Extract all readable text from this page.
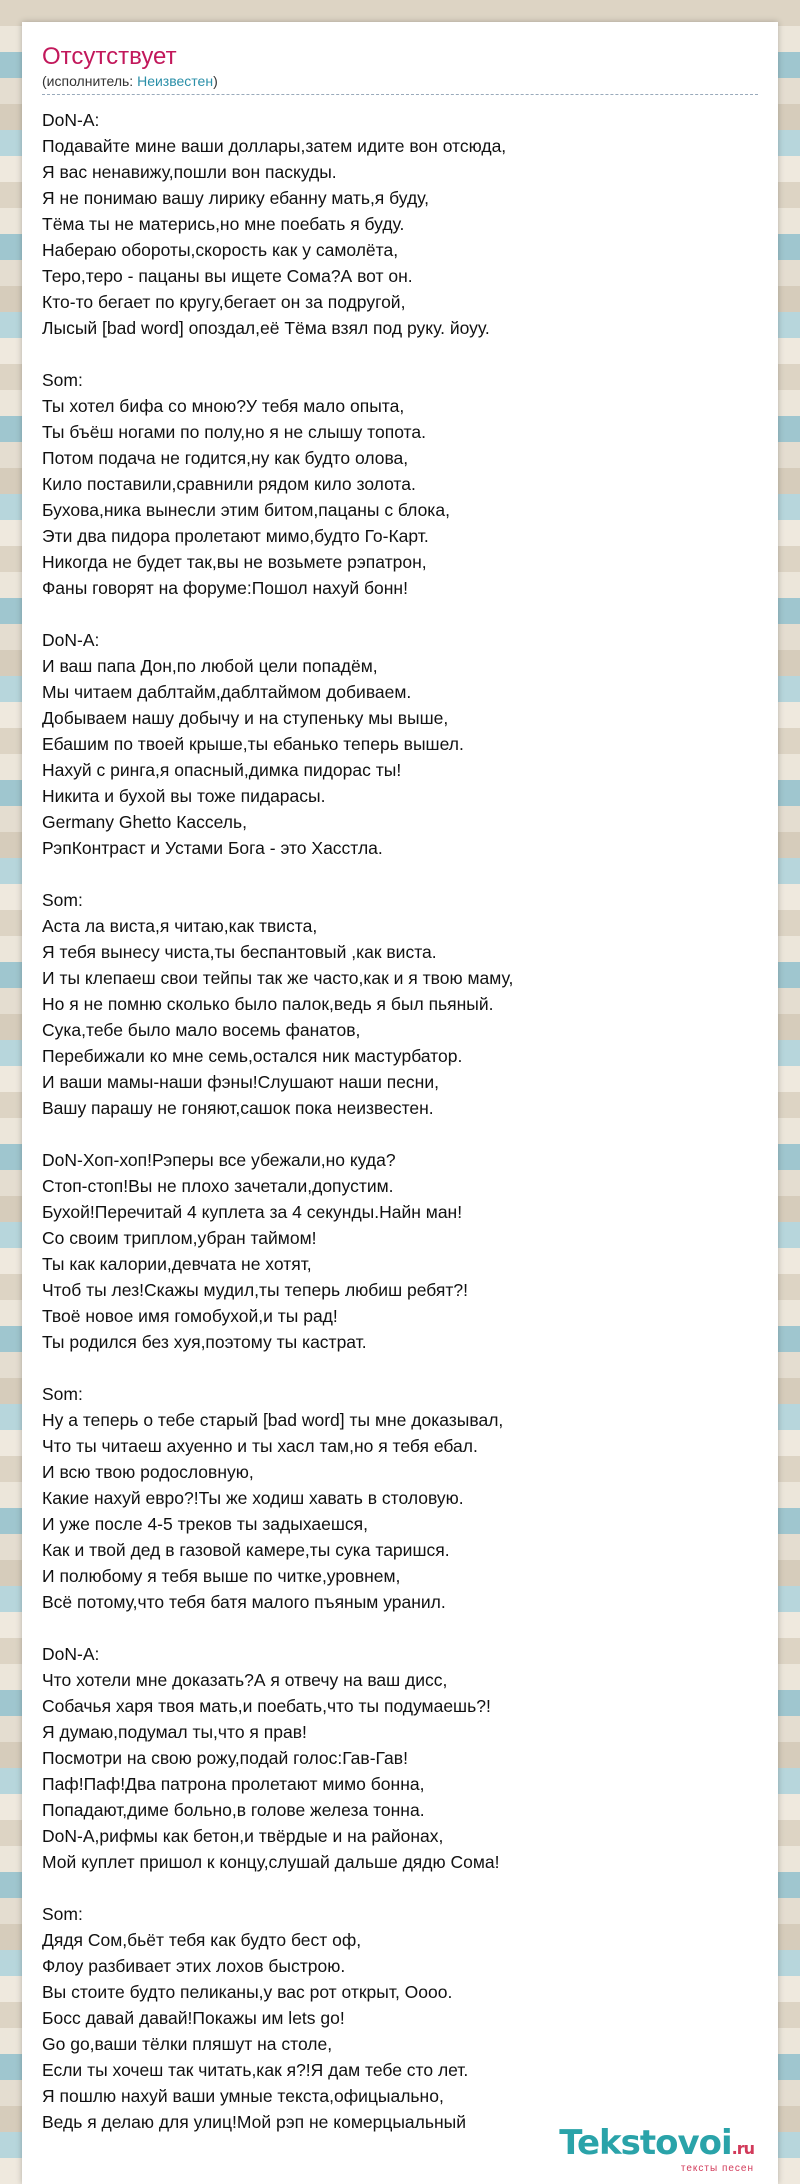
Отсутствует
(исполнитель: Неизвестен)
DoN-A:
Подавайте мине ваши доллары,затем идите вон отсюда,
Я вас ненавижу,пошли вон паскуды.
Я не понимаю вашу лирику ебанну мать,я буду,
Тёма ты не матерись,но мне поебать я буду.
Набераю обороты,скорость как у самолёта,
Теро,теро - пацаны вы ищете Сома?А вот он.
Кто-то бегает по кругу,бегает он за подругой,
Лысый [bad word] опоздал,её Тёма взял под руку. йоуу.

Som:
Ты хотел бифа со мною?У тебя мало опыта,
Ты бъёш ногами по полу,но я не слышу топота.
Потом подача не годится,ну как будто олова,
Кило поставили,сравнили рядом кило золота.
Бухова,ника вынесли этим битом,пацаны с блока,
Эти два пидора пролетают мимо,будто Го-Карт.
Никогда не будет так,вы не возьмете рэпатрон,
Фаны говорят на форуме:Пошол нахуй бонн!

DoN-A:
И ваш папа Дон,по любой цели попадём,
Мы читаем даблтайм,даблтаймом добиваем.
Добываем нашу добычу и на ступеньку мы выше,
Ебашим по твоей крыше,ты ебанько теперь вышел.
Нахуй с ринга,я опасный,димка пидорас ты!
Никита и бухой вы тоже пидарасы.
Germany Ghetto Кассель,
РэпКонтраст и Устами Бога - это Хасстла.

Som:
Аста ла виста,я читаю,как твиста,
Я тебя вынесу чиста,ты беспантовый ,как виста.
И ты клепаеш свои тейпы так же часто,как и я твою маму,
Но я не помню сколько было палок,ведь я был пьяный.
Сука,тебе было мало восемь фанатов,
Перебижали ко мне семь,остался ник мастурбатор.
И ваши мамы-наши фэны!Слушают наши песни,
Вашу парашу не гоняют,сашок пока неизвестен.

DoN-Хоп-хоп!Рэперы все убежали,но куда?
Стоп-стоп!Вы не плохо зачетали,допустим.
Бухой!Перечитай 4 куплета за 4 секунды.Найн ман!
Со своим триплом,убран таймом!
Ты как калории,девчата не хотят,
Чтоб ты лез!Скажы мудил,ты теперь любиш ребят?!
Твоё новое имя гомобухой,и ты рад!
Ты родился без хуя,поэтому ты кастрат.

Som:
Ну а теперь о тебе старый [bad word] ты мне доказывал,
Что ты читаеш ахуенно и ты хасл там,но я тебя ебал.
И всю твою родословную,
Какие нахуй евро?!Ты же ходиш хавать в столовую.
И уже после 4-5 треков ты задыхаешся,
Как и твой дед в газовой камере,ты сука таришся.
И полюбому я тебя выше по читке,уровнем,
Всё потому,что тебя батя малого пъяным уранил.

DoN-A:
Что хотели мне доказать?А я отвечу на ваш дисс,
Собачья харя твоя мать,и поебать,что ты подумаешь?!
Я думаю,подумал ты,что я прав!
Посмотри на свою рожу,подай голос:Гав-Гав!
Паф!Паф!Два патрона пролетают мимо бонна,
Попадают,диме больно,в голове железа тонна.
DoN-A,рифмы как бетон,и твёрдые и на районах,
Мой куплет пришол к концу,слушай дальше дядю Сома!

Som:
Дядя Сом,бьёт тебя как будто бест оф,
Флоу разбивает этих лохов быстрою.
Вы стоите будто пеликаны,у вас рот открыт, Оооо.
Босс давай давай!Покажы им lets go!
Go go,ваши тёлки пляшут на столе,
Если ты хочеш так читать,как я?!Я дам тебе сто лет.
Я пошлю нахуй ваши умные текста,офицыально,
Ведь я делаю для улиц!Мой рэп не комерцыальный
Tekstovoi.ru
тексты песен
